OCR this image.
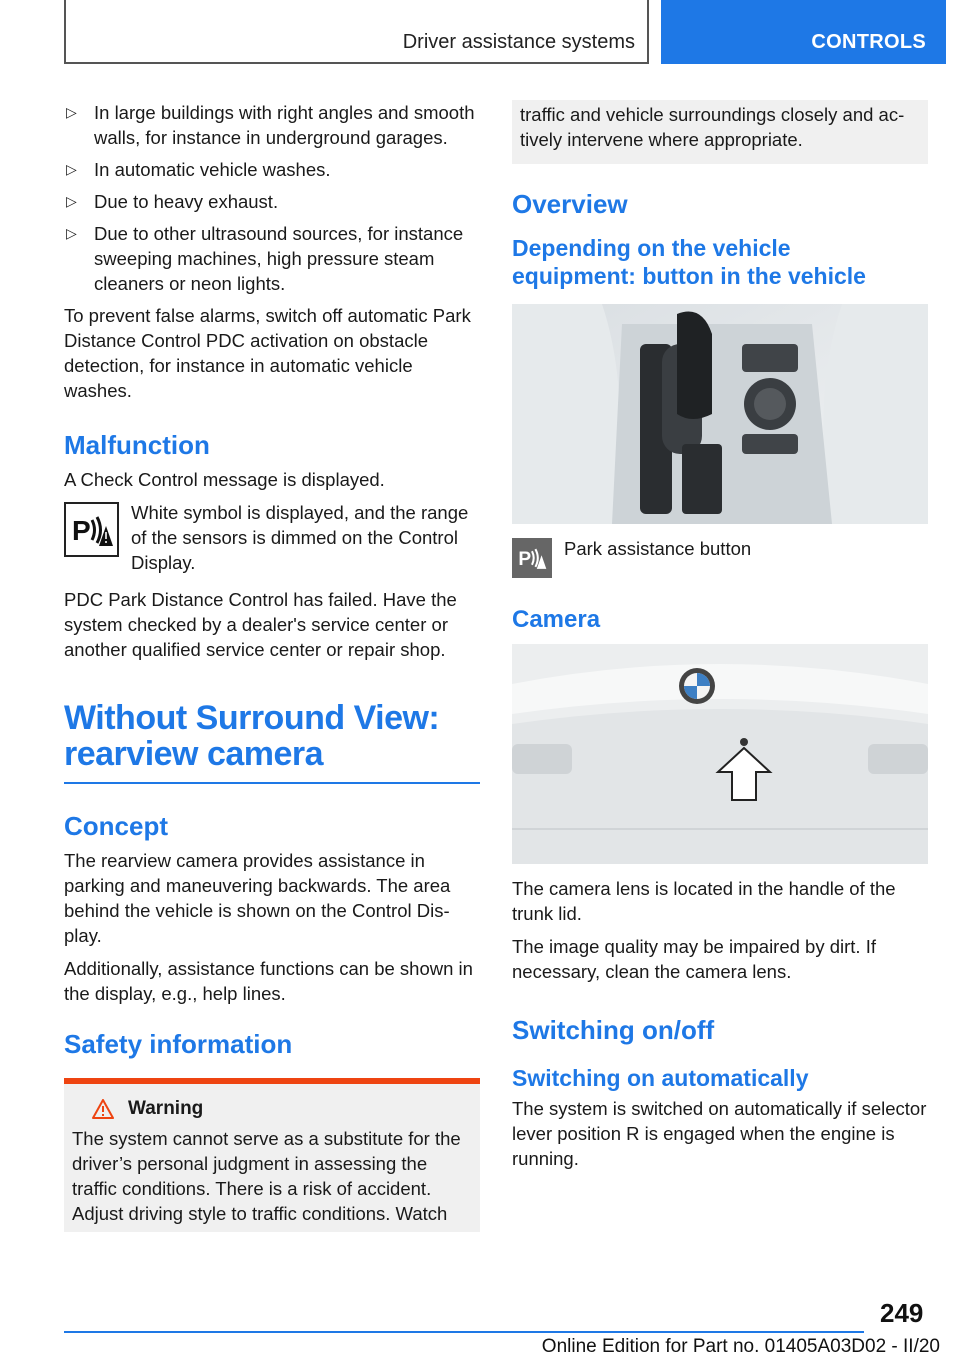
Driver assistance systems	CONTROLS
▷ In large buildings with right angles and smooth walls, for instance in underground garages.
▷ In automatic vehicle washes.
▷ Due to heavy exhaust.
▷ Due to other ultrasound sources, for instance sweeping machines, high pressure steam cleaners or neon lights.

To prevent false alarms, switch off automatic Park Distance Control PDC activation on obstacle detection, for instance in automatic vehicle washes.

Malfunction

A Check Control message is displayed.

P
White symbol is displayed, and the range of the sensors is dimmed on the Control Display.

PDC Park Distance Control has failed. Have the system checked by a dealer's service center or another qualified service center or repair shop.

Without Surround View:
rearview camera
Concept

The rearview camera provides assistance in parking and maneuvering backwards. The area behind the vehicle is shown on the Control Display.

Additionally, assistance functions can be shown in the display, e.g., help lines.

Safety information
Warning

The system cannot serve as a substitute for the driver’s personal judgment in assessing the traffic conditions. There is a risk of accident. Adjust driving style to traffic conditions. Watch

traffic and vehicle surroundings closely and actively intervene where appropriate.

Overview
Depending on the vehicle
equipment: button in the vehicle
P
Park assistance button
Camera

The camera lens is located in the handle of the trunk lid.

The image quality may be impaired by dirt. If necessary, clean the camera lens.

Switching on/off
Switching on automatically

The system is switched on automatically if selector lever position R is engaged when the engine is running.

249
Online Edition for Part no. 01405A03D02 - II/20
